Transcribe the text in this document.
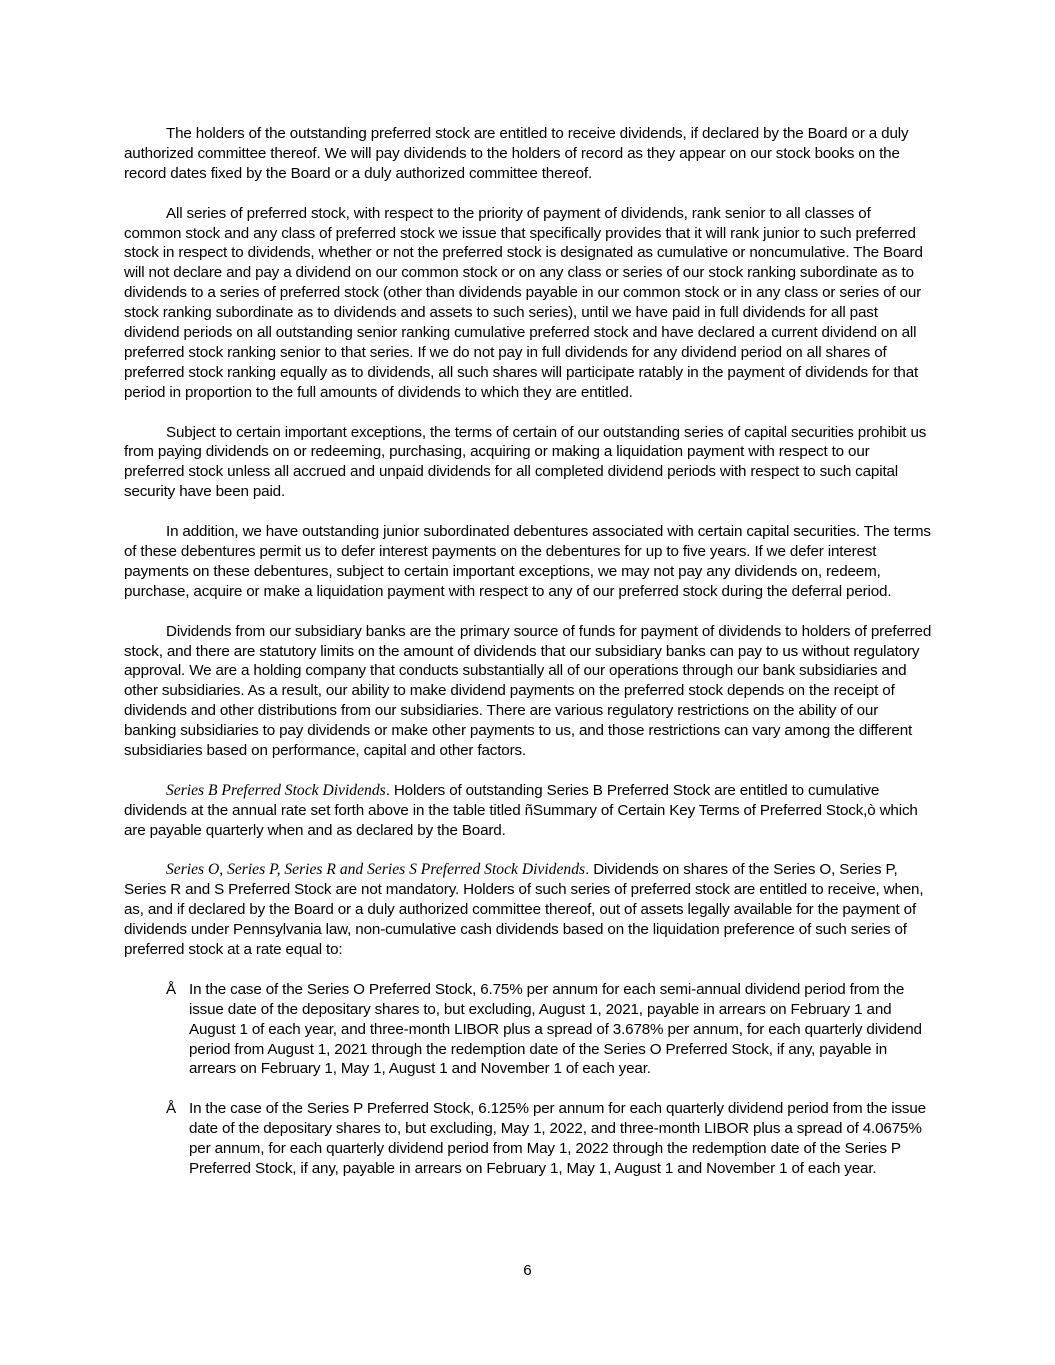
The holders of the outstanding preferred stock are entitled to receive dividends, if declared by the Board or a duly authorized committee thereof. We will pay dividends to the holders of record as they appear on our stock books on the record dates fixed by the Board or a duly authorized committee thereof.

All series of preferred stock, with respect to the priority of payment of dividends, rank senior to all classes of common stock and any class of preferred stock we issue that specifically provides that it will rank junior to such preferred stock in respect to dividends, whether or not the preferred stock is designated as cumulative or noncumulative. The Board will not declare and pay a dividend on our common stock or on any class or series of our stock ranking subordinate as to dividends to a series of preferred stock (other than dividends payable in our common stock or in any class or series of our stock ranking subordinate as to dividends and assets to such series), until we have paid in full dividends for all past dividend periods on all outstanding senior ranking cumulative preferred stock and have declared a current dividend on all preferred stock ranking senior to that series. If we do not pay in full dividends for any dividend period on all shares of preferred stock ranking equally as to dividends, all such shares will participate ratably in the payment of dividends for that period in proportion to the full amounts of dividends to which they are entitled.

Subject to certain important exceptions, the terms of certain of our outstanding series of capital securities prohibit us from paying dividends on or redeeming, purchasing, acquiring or making a liquidation payment with respect to our preferred stock unless all accrued and unpaid dividends for all completed dividend periods with respect to such capital security have been paid.

In addition, we have outstanding junior subordinated debentures associated with certain capital securities. The terms of these debentures permit us to defer interest payments on the debentures for up to five years. If we defer interest payments on these debentures, subject to certain important exceptions, we may not pay any dividends on, redeem, purchase, acquire or make a liquidation payment with respect to any of our preferred stock during the deferral period.

Dividends from our subsidiary banks are the primary source of funds for payment of dividends to holders of preferred stock, and there are statutory limits on the amount of dividends that our subsidiary banks can pay to us without regulatory approval. We are a holding company that conducts substantially all of our operations through our bank subsidiaries and other subsidiaries. As a result, our ability to make dividend payments on the preferred stock depends on the receipt of dividends and other distributions from our subsidiaries. There are various regulatory restrictions on the ability of our banking subsidiaries to pay dividends or make other payments to us, and those restrictions can vary among the different subsidiaries based on performance, capital and other factors.

Series B Preferred Stock Dividends. Holders of outstanding Series B Preferred Stock are entitled to cumulative dividends at the annual rate set forth above in the table titled ñSummary of Certain Key Terms of Preferred Stock,ò which are payable quarterly when and as declared by the Board.

Series O, Series P, Series R and Series S Preferred Stock Dividends. Dividends on shares of the Series O, Series P, Series R and S Preferred Stock are not mandatory. Holders of such series of preferred stock are entitled to receive, when, as, and if declared by the Board or a duly authorized committee thereof, out of assets legally available for the payment of dividends under Pennsylvania law, non-cumulative cash dividends based on the liquidation preference of such series of preferred stock at a rate equal to:

Å In the case of the Series O Preferred Stock, 6.75% per annum for each semi-annual dividend period from the issue date of the depositary shares to, but excluding, August 1, 2021, payable in arrears on February 1 and August 1 of each year, and three-month LIBOR plus a spread of 3.678% per annum, for each quarterly dividend period from August 1, 2021 through the redemption date of the Series O Preferred Stock, if any, payable in arrears on February 1, May 1, August 1 and November 1 of each year.
Å In the case of the Series P Preferred Stock, 6.125% per annum for each quarterly dividend period from the issue date of the depositary shares to, but excluding, May 1, 2022, and three-month LIBOR plus a spread of 4.0675% per annum, for each quarterly dividend period from May 1, 2022 through the redemption date of the Series P Preferred Stock, if any, payable in arrears on February 1, May 1, August 1 and November 1 of each year.
6
